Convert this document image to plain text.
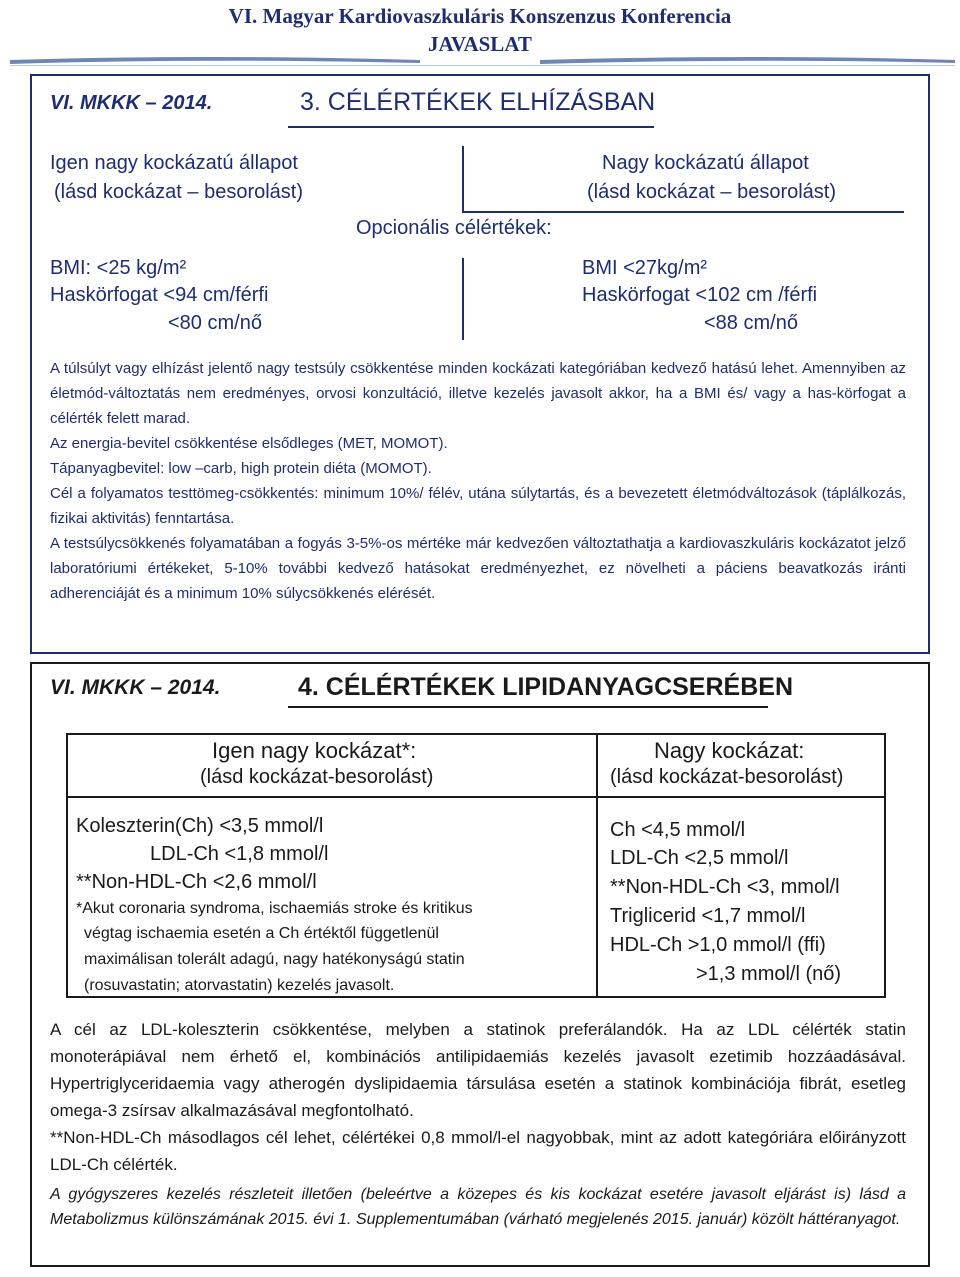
VI. Magyar Kardiovaszkuláris Konszenzus Konferencia
JAVASLAT
VI. MKKK – 2014.	3. CÉLÉRTÉKEK ELHÍZÁSBAN
Igen nagy kockázatú állapot
(lásd kockázat – besorolást)
Nagy kockázatú állapot
(lásd kockázat – besorolást)
Opcionális célértékek:
BMI: <25 kg/m²
Haskörfogat <94 cm/férfi
<80 cm/nő
BMI <27kg/m²
Haskörfogat <102 cm /férfi
<88 cm/nő

A túlsúlyt vagy elhízást jelentő nagy testsúly csökkentése minden kockázati kategóriában kedvező hatású lehet. Amennyiben az életmód-változtatás nem eredményes, orvosi konzultáció, illetve kezelés javasolt akkor, ha a BMI és/ vagy a has-körfogat a célérték felett marad.

Az energia-bevitel csökkentése elsődleges (MET, MOMOT).

Tápanyagbevitel: low –carb, high protein diéta (MOMOT).

Cél a folyamatos testtömeg-csökkentés: minimum 10%/ félév, utána súlytartás, és a bevezetett életmódváltozások (táplálkozás, fizikai aktivitás) fenntartása.

A testsúlycsökkenés folyamatában a fogyás 3-5%-os mértéke már kedvezően változtathatja a kardiovaszkuláris kockázatot jelző laboratóriumi értékeket, 5-10% további kedvező hatásokat eredményezhet, ez növelheti a páciens beavatkozás iránti adherenciáját és a minimum 10% súlycsökkenés elérését.

VI. MKKK – 2014.	4. CÉLÉRTÉKEK LIPIDANYAGCSERÉBEN
Igen nagy kockázat*:
(lásd kockázat-besorolást)
Nagy kockázat:
(lásd kockázat-besorolást)
Koleszterin(Ch) <3,5 mmol/l
LDL-Ch <1,8 mmol/l
**Non-HDL-Ch <2,6 mmol/l
*Akut coronaria syndroma, ischaemiás stroke és kritikus
végtag ischaemia esetén a Ch értéktől függetlenül
maximálisan tolerált adagú, nagy hatékonyságú statin
(rosuvastatin; atorvastatin) kezelés javasolt.
Ch <4,5 mmol/l
LDL-Ch <2,5 mmol/l
**Non-HDL-Ch <3, mmol/l
Triglicerid <1,7 mmol/l
HDL-Ch >1,0 mmol/l (ffi)
>1,3 mmol/l (nő)

A cél az LDL-koleszterin csökkentése, melyben a statinok preferálandók. Ha az LDL célérték statin monoterápiával nem érhető el, kombinációs antilipidaemiás kezelés javasolt ezetimib hozzáadásával. Hypertriglyceridaemia vagy atherogén dyslipidaemia társulása esetén a statinok kombinációja fibrát, esetleg omega-3 zsírsav alkalmazásával megfontolható.

**Non-HDL-Ch másodlagos cél lehet, célértékei 0,8 mmol/l-el nagyobbak, mint az adott kategóriára előirányzott LDL-Ch célérték.

A gyógyszeres kezelés részleteit illetően (beleértve a közepes és kis kockázat esetére javasolt eljárást is) lásd a Metabolizmus különszámának 2015. évi 1. Supplementumában (várható megjelenés 2015. január) közölt háttéranyagot.
